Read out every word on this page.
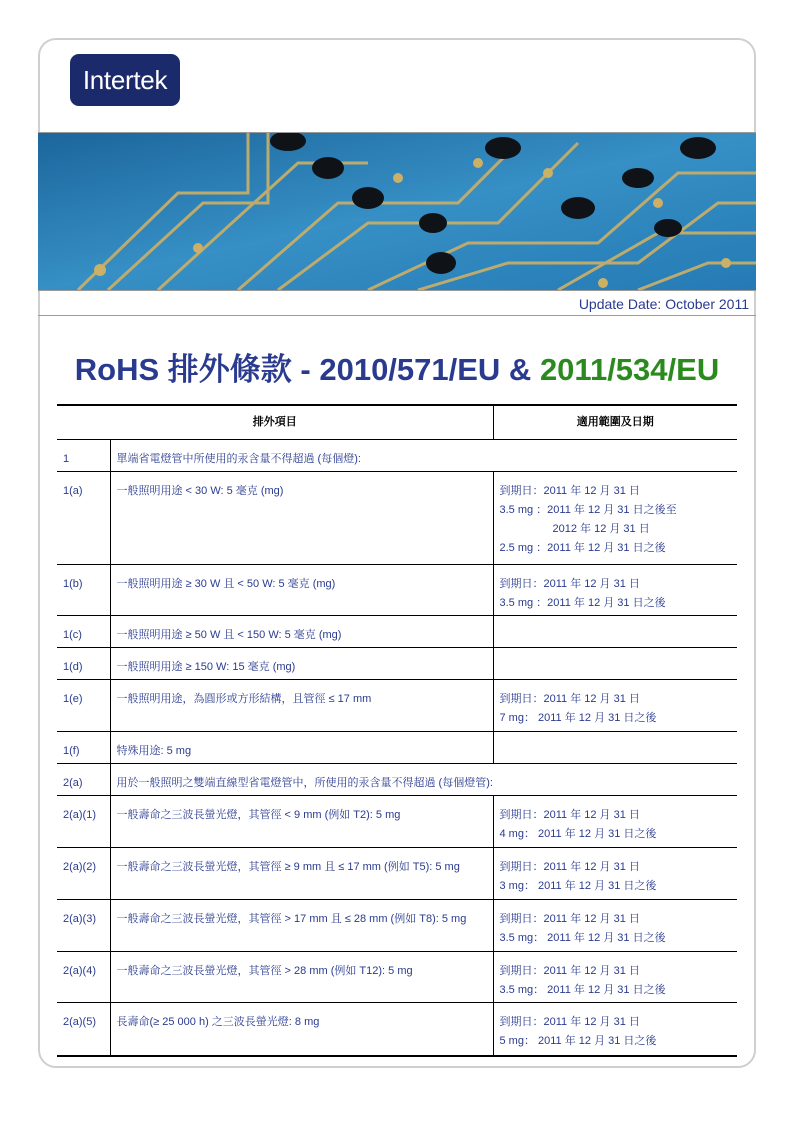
Intertek
Update Date: October 2011
RoHS 排外條款 - 2010/571/EU & 2011/534/EU
排外項目		適用範圍及日期
1	單端省電燈管中所使用的汞含量不得超過 (每個燈):	
1(a)	一般照明用途 < 30 W: 5 毫克 (mg)	到期日：2011 年 12 月 31 日
3.5 mg ：2011 年 12 月 31 日之後至
2012 年 12 月 31 日
2.5 mg ：2011 年 12 月 31 日之後

1(b)	一般照明用途 ≥ 30 W 且 < 50 W: 5 毫克 (mg)	到期日：2011 年 12 月 31 日
3.5 mg ：2011 年 12 月 31 日之後

1(c)	一般照明用途 ≥ 50 W 且 < 150 W: 5 毫克 (mg)	
1(d)	一般照明用途 ≥ 150 W: 15 毫克 (mg)	
1(e)	一般照明用途，為圓形或方形結構，且管徑 ≤ 17 mm	到期日：2011 年 12 月 31 日
7 mg： 2011 年 12 月 31 日之後

1(f)	特殊用途: 5 mg	
2(a)	用於一般照明之雙端直線型省電燈管中，所使用的汞含量不得超過 (每個燈管):	
2(a)(1)	一般壽命之三波長螢光燈，其管徑 < 9 mm (例如 T2): 5 mg	到期日：2011 年 12 月 31 日
4 mg： 2011 年 12 月 31 日之後

2(a)(2)	一般壽命之三波長螢光燈，其管徑 ≥ 9 mm 且 ≤ 17 mm (例如 T5): 5 mg	到期日：2011 年 12 月 31 日
3 mg： 2011 年 12 月 31 日之後

2(a)(3)	一般壽命之三波長螢光燈，其管徑 > 17 mm 且 ≤ 28 mm (例如 T8): 5 mg	到期日：2011 年 12 月 31 日
3.5 mg： 2011 年 12 月 31 日之後

2(a)(4)	一般壽命之三波長螢光燈，其管徑 > 28 mm (例如 T12): 5 mg	到期日：2011 年 12 月 31 日
3.5 mg： 2011 年 12 月 31 日之後

2(a)(5)	長壽命(≥ 25 000 h) 之三波長螢光燈: 8 mg	到期日：2011 年 12 月 31 日
5 mg： 2011 年 12 月 31 日之後
